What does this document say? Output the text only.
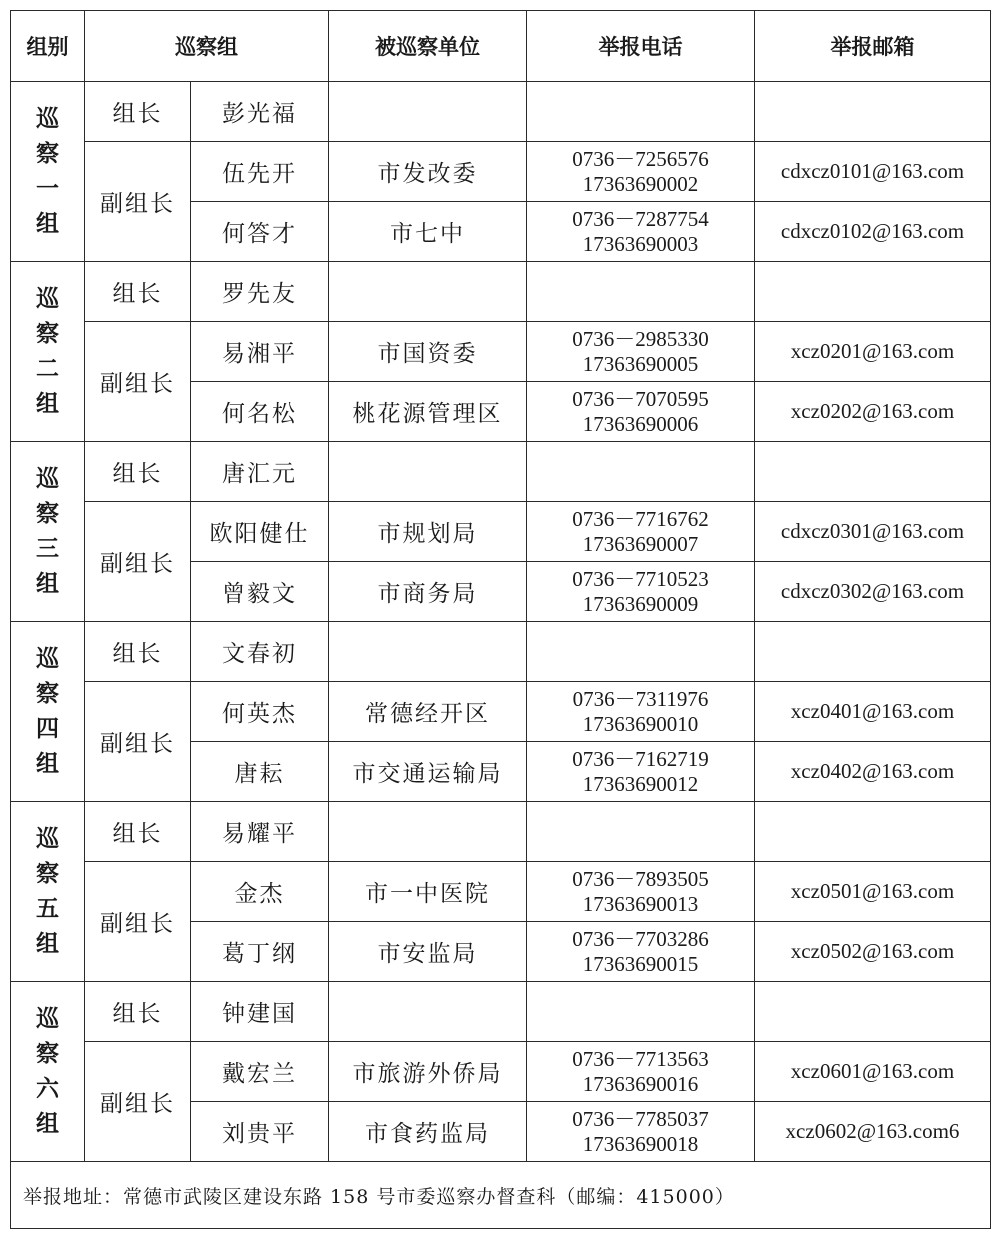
组别	巡察组		被巡察单位	举报电话	举报邮箱

巡
察
一
组	组长	彭光福			
	副组长	伍先开	市发改委	0736－7256576
17363690002	cdxcz0101@163.com
		何答才	市七中	0736－7287754
17363690003	cdxcz0102@163.com

巡
察
二
组	组长	罗先友			
	副组长	易湘平	市国资委	0736－2985330
17363690005	xcz0201@163.com
		何名松	桃花源管理区	0736－7070595
17363690006	xcz0202@163.com

巡
察
三
组	组长	唐汇元			
	副组长	欧阳健仕	市规划局	0736－7716762
17363690007	cdxcz0301@163.com
		曾毅文	市商务局	0736－7710523
17363690009	cdxcz0302@163.com

巡
察
四
组	组长	文春初			
	副组长	何英杰	常德经开区	0736－7311976
17363690010	xcz0401@163.com
		唐耘	市交通运输局	0736－7162719
17363690012	xcz0402@163.com

巡
察
五
组	组长	易耀平			
	副组长	金杰	市一中医院	0736－7893505
17363690013	xcz0501@163.com
		葛丁纲	市安监局	0736－7703286
17363690015	xcz0502@163.com

巡
察
六
组	组长	钟建国			
	副组长	戴宏兰	市旅游外侨局	0736－7713563
17363690016	xcz0601@163.com
		刘贵平	市食药监局	0736－7785037
17363690018	xcz0602@163.com6
举报地址：常德市武陵区建设东路 158 号市委巡察办督查科（邮编：415000）					
